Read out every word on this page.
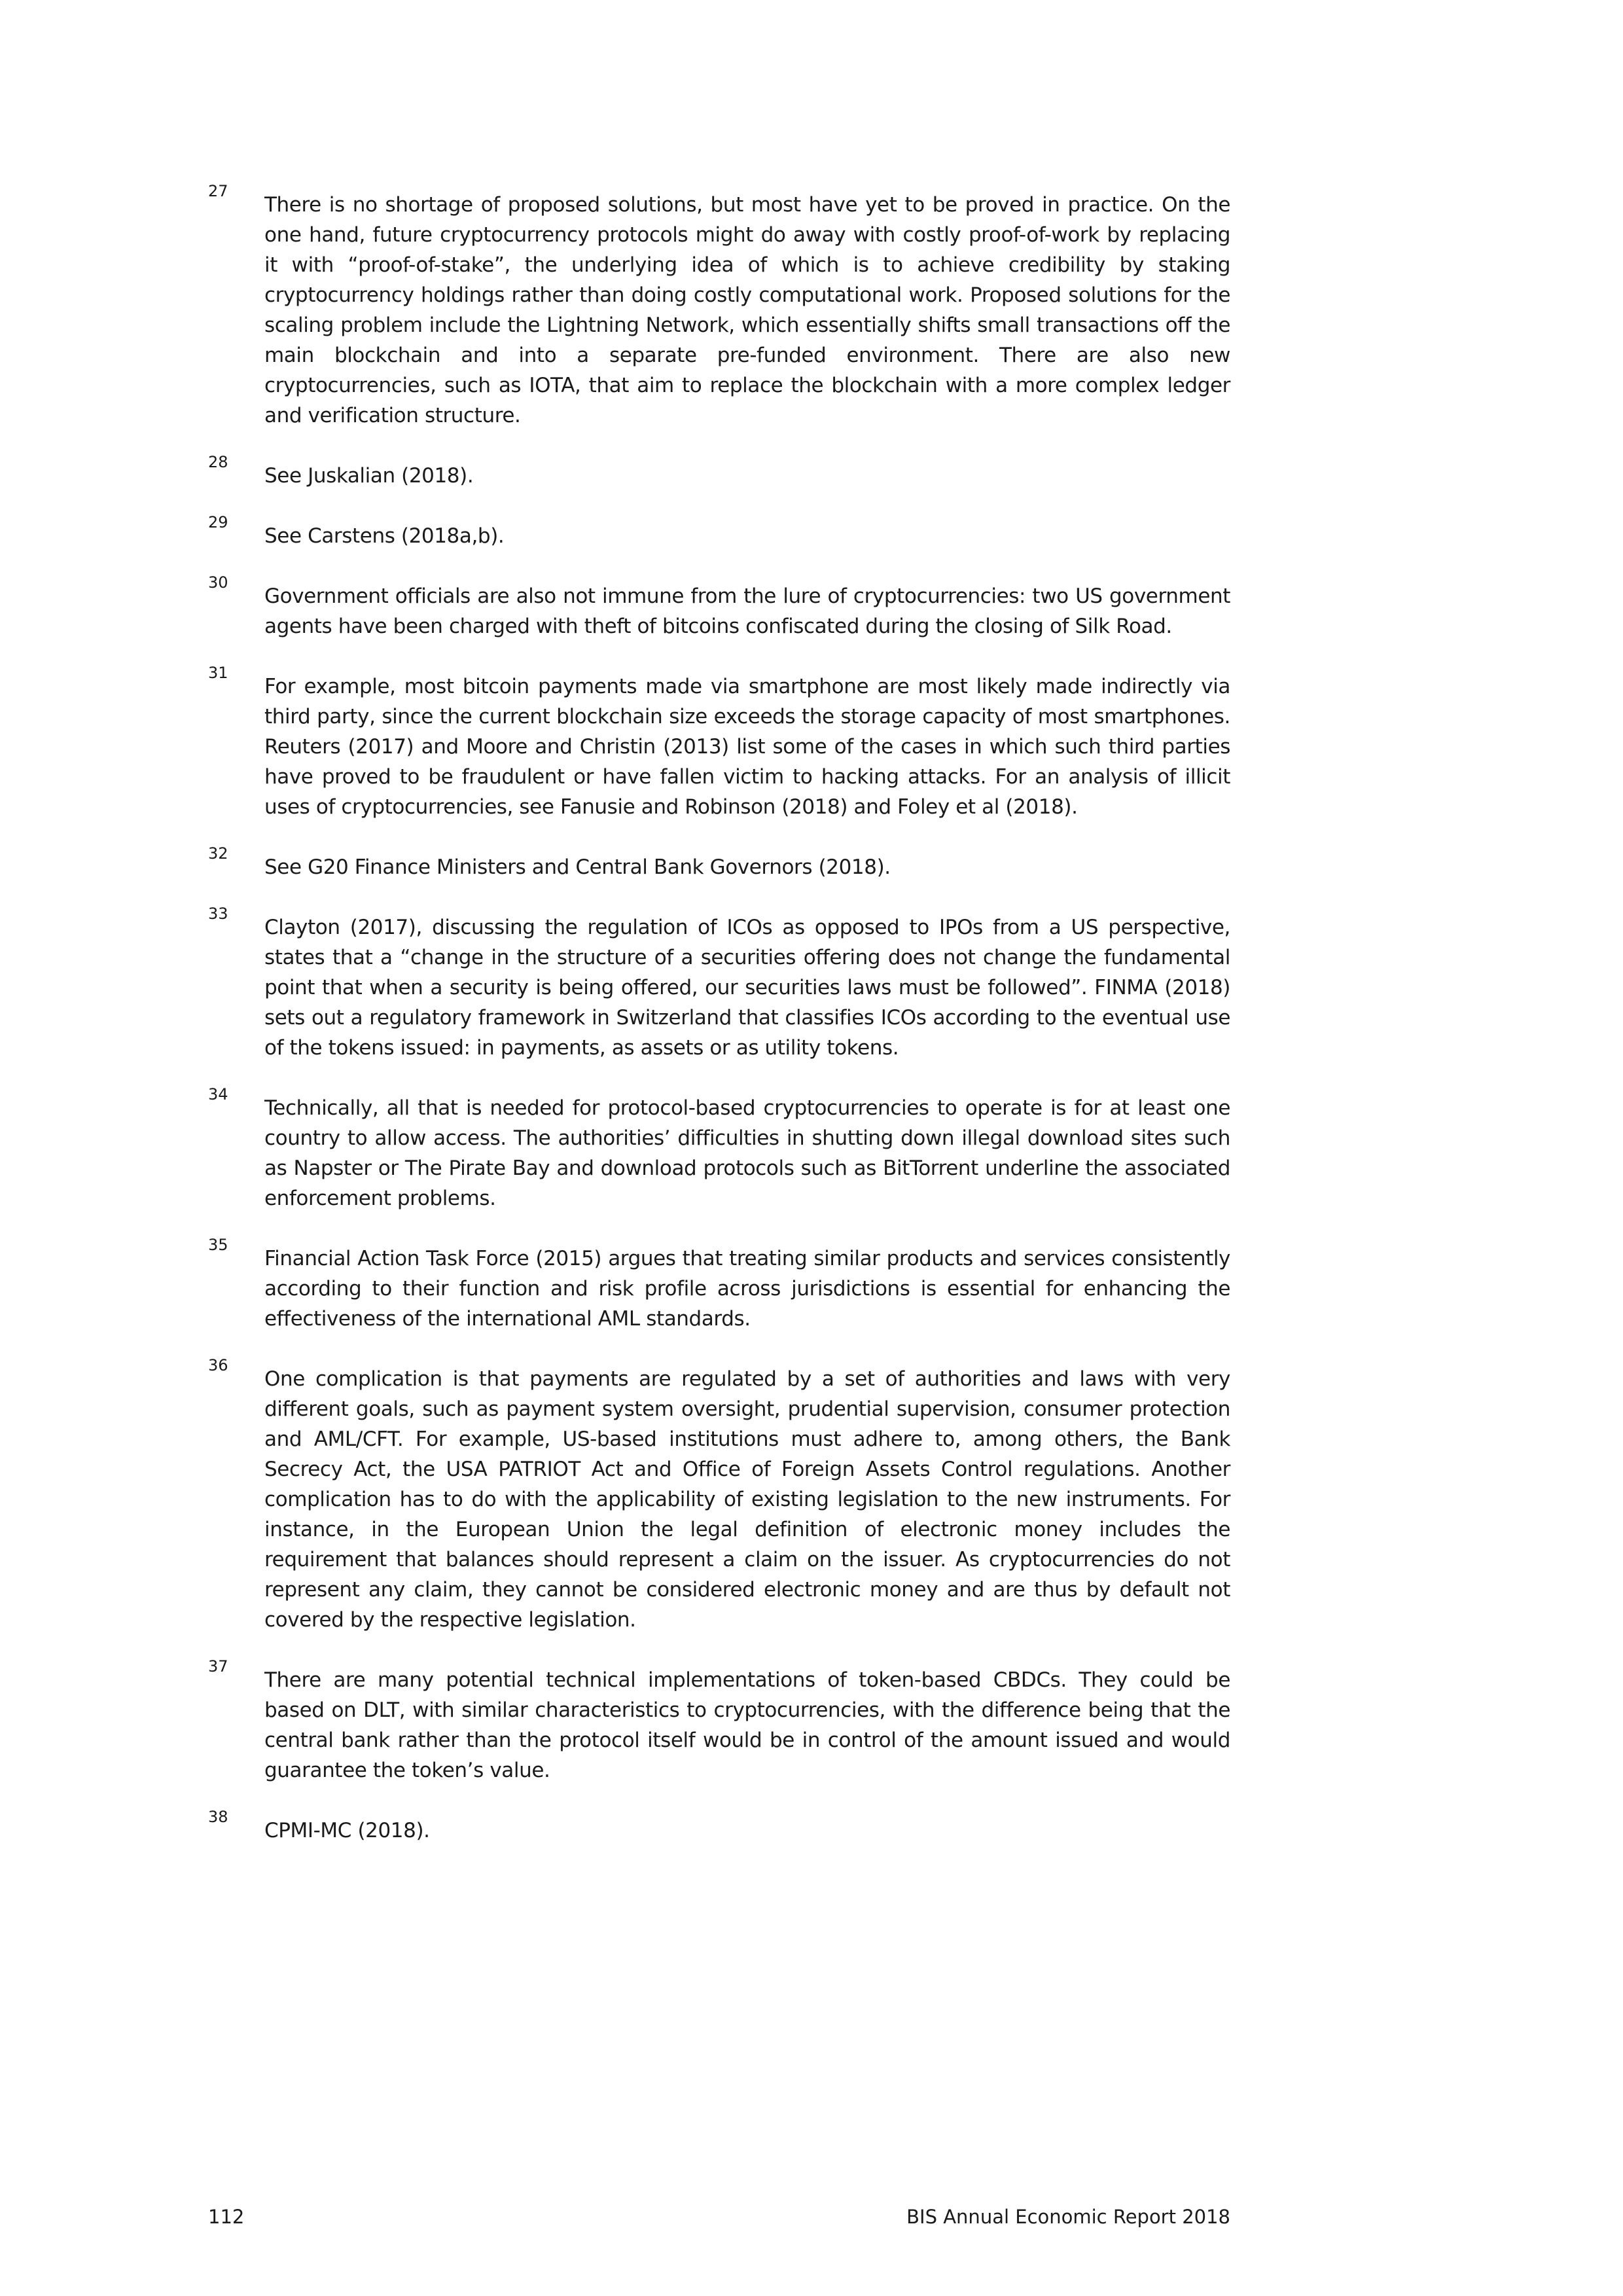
27

There is no shortage of proposed solutions, but most have yet to be proved in practice. On the one hand, future cryptocurrency protocols might do away with costly proof-of-work by replacing it with “proof-of-stake”, the underlying idea of which is to achieve credibility by staking cryptocurrency holdings rather than doing costly computational work. Proposed solutions for the scaling problem include the Lightning Network, which essentially shifts small transactions off the main blockchain and into a separate pre-funded environment. There are also new cryptocurrencies, such as IOTA, that aim to replace the blockchain with a more complex ledger and verification structure.

28

See Juskalian (2018).

29

See Carstens (2018a,b).

30

Government officials are also not immune from the lure of cryptocurrencies: two US government agents have been charged with theft of bitcoins confiscated during the closing of Silk Road.

31

For example, most bitcoin payments made via smartphone are most likely made indirectly via third party, since the current blockchain size exceeds the storage capacity of most smartphones. Reuters (2017) and Moore and Christin (2013) list some of the cases in which such third parties have proved to be fraudulent or have fallen victim to hacking attacks. For an analysis of illicit uses of cryptocurrencies, see Fanusie and Robinson (2018) and Foley et al (2018).

32

See G20 Finance Ministers and Central Bank Governors (2018).

33

Clayton (2017), discussing the regulation of ICOs as opposed to IPOs from a US perspective, states that a “change in the structure of a securities offering does not change the fundamental point that when a security is being offered, our securities laws must be followed”. FINMA (2018) sets out a regulatory framework in Switzerland that classifies ICOs according to the eventual use of the tokens issued: in payments, as assets or as utility tokens.

34

Technically, all that is needed for protocol-based cryptocurrencies to operate is for at least one country to allow access. The authorities’ difficulties in shutting down illegal download sites such as Napster or The Pirate Bay and download protocols such as BitTorrent underline the associated enforcement problems.

35

Financial Action Task Force (2015) argues that treating similar products and services consistently according to their function and risk profile across jurisdictions is essential for enhancing the effectiveness of the international AML standards.

36

One complication is that payments are regulated by a set of authorities and laws with very different goals, such as payment system oversight, prudential supervision, consumer protection and AML/CFT. For example, US-based institutions must adhere to, among others, the Bank Secrecy Act, the USA PATRIOT Act and Office of Foreign Assets Control regulations. Another complication has to do with the applicability of existing legislation to the new instruments. For instance, in the European Union the legal definition of electronic money includes the requirement that balances should represent a claim on the issuer. As cryptocurrencies do not represent any claim, they cannot be considered electronic money and are thus by default not covered by the respective legislation.

37

There are many potential technical implementations of token-based CBDCs. They could be based on DLT, with similar characteristics to cryptocurrencies, with the difference being that the central bank rather than the protocol itself would be in control of the amount issued and would guarantee the token’s value.

38

CPMI-MC (2018).

112	BIS Annual Economic Report 2018
